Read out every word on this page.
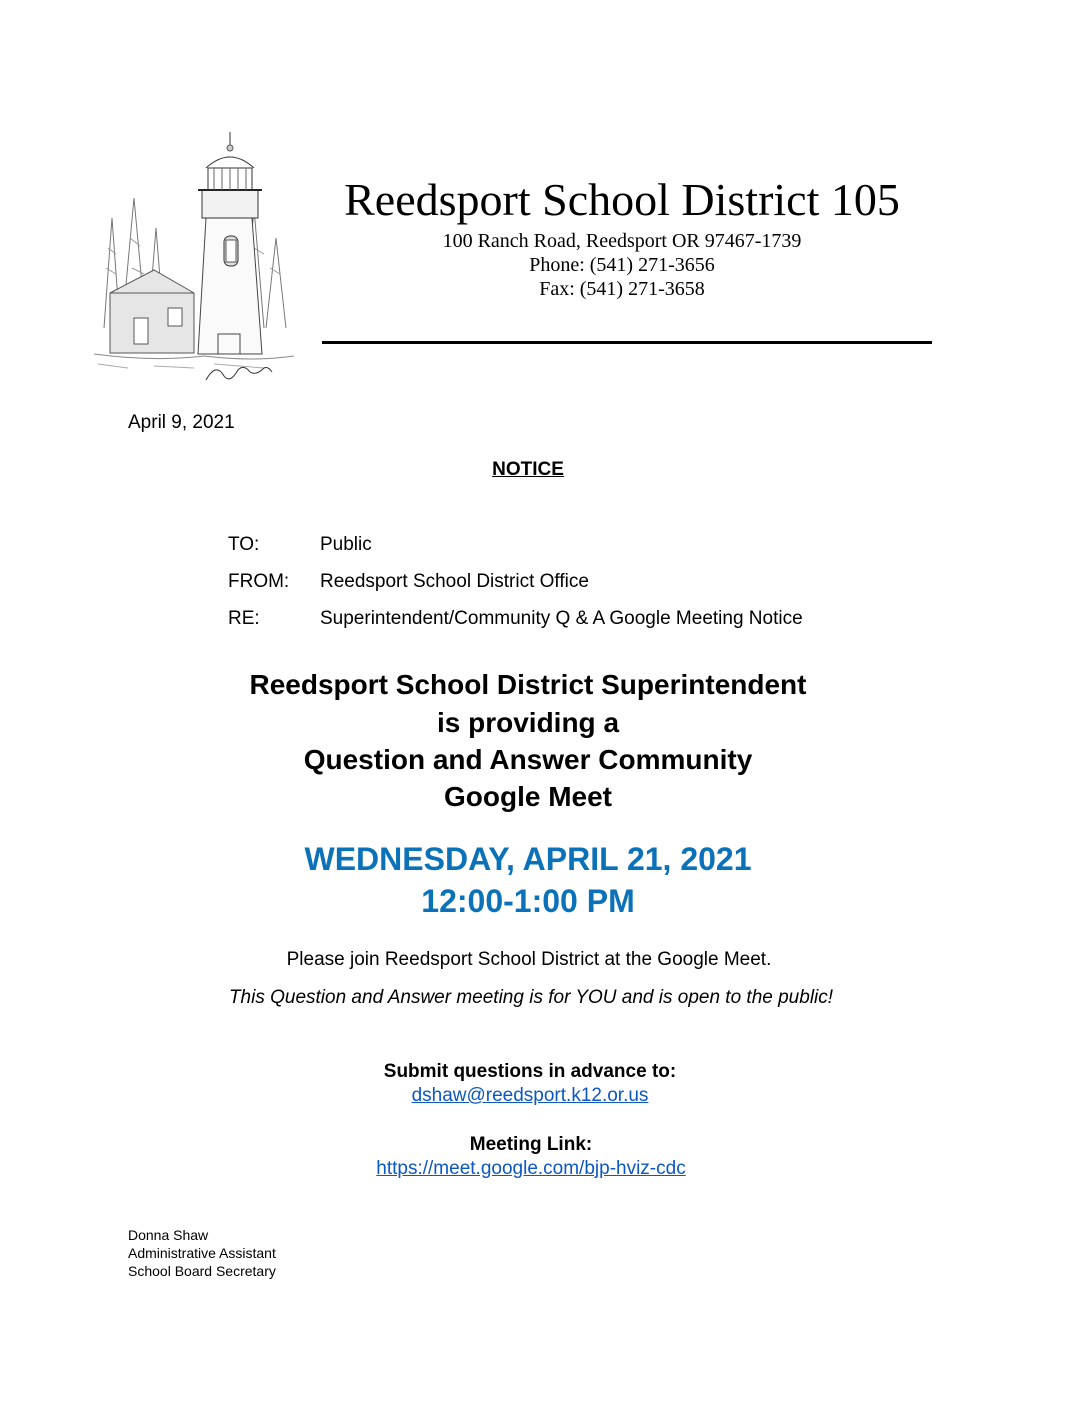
Reedsport School District 105
100 Ranch Road, Reedsport OR 97467-1739
Phone: (541) 271-3656
Fax: (541) 271-3658
April 9, 2021
NOTICE
TO:	Public
FROM: Reedsport School District Office
RE:	Superintendent/Community Q & A Google Meeting Notice
Reedsport School District Superintendent
is providing a
Question and Answer Community
Google Meet
WEDNESDAY, APRIL 21, 2021
12:00-1:00 PM
Please join Reedsport School District at the Google Meet.
This Question and Answer meeting is for YOU and is open to the public!
Submit questions in advance to:
dshaw@reedsport.k12.or.us
Meeting Link:
https://meet.google.com/bjp-hviz-cdc
Donna Shaw
Administrative Assistant
School Board Secretary
